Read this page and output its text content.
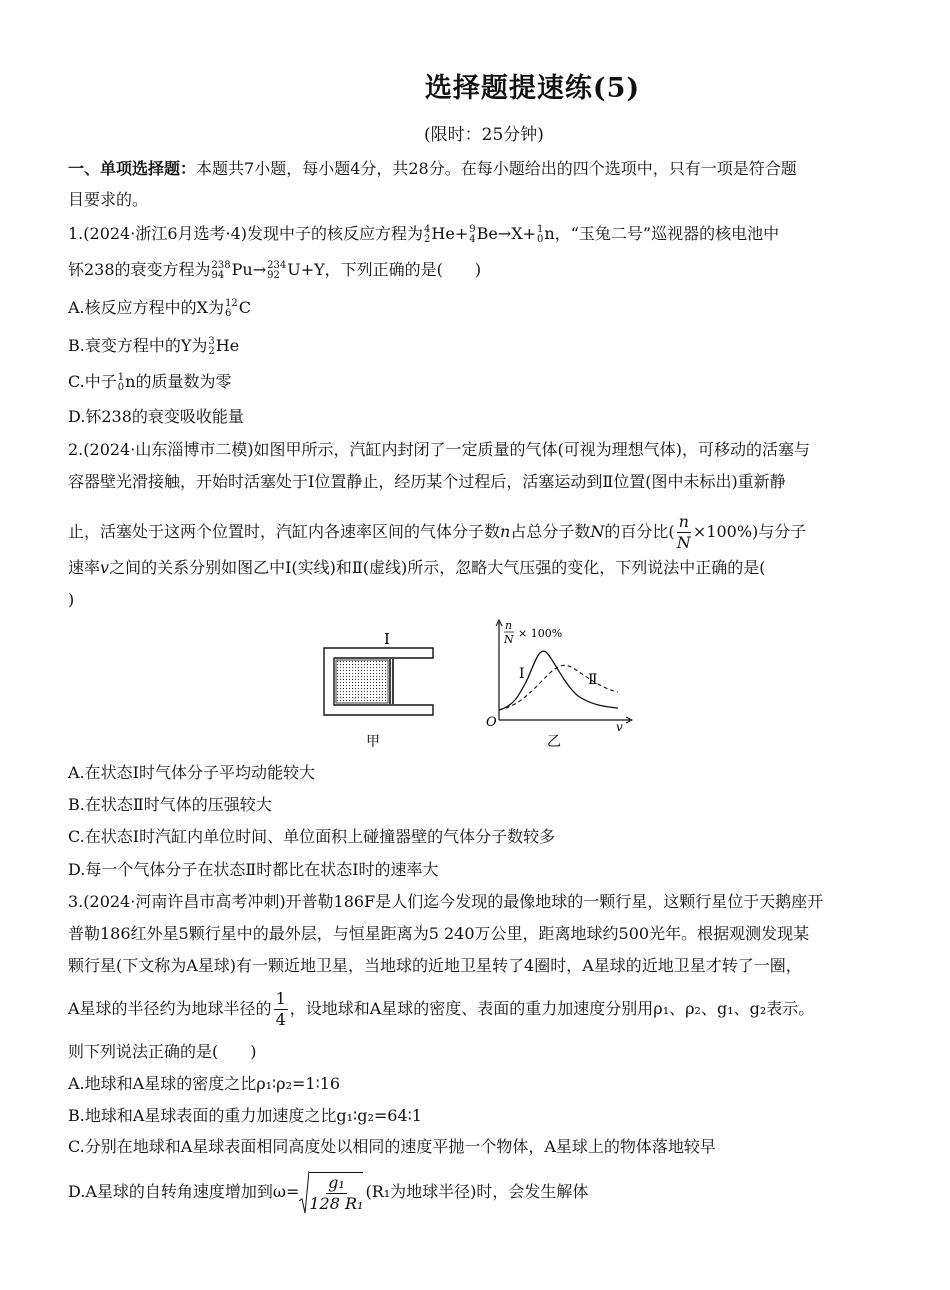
选择题提速练(5)
(限时：25分钟)
一、单项选择题：本题共7小题，每小题4分，共28分。在每小题给出的四个选项中，只有一项是符合题
目要求的。
1.(2024·浙江6月选考·4)发现中子的核反应方程为 4
2 He+ 9
4 Be→X+ 1
0 n，“玉兔二号”巡视器的核电池中
钚238的衰变方程为 238
94 Pu→ 234
92 U+Y，下列正确的是(　　)
A.核反应方程中的X为 12
6 C
B.衰变方程中的Y为 3
2 He
C.中子 1
0 n的质量数为零
D.钚238的衰变吸收能量
2.(2024·山东淄博市二模)如图甲所示，汽缸内封闭了一定质量的气体(可视为理想气体)，可移动的活塞与
容器壁光滑接触，开始时活塞处于Ⅰ位置静止，经历某个过程后，活塞运动到Ⅱ位置(图中未标出)重新静
止，活塞处于这两个位置时，汽缸内各速率区间的气体分子数n占总分子数N的百分比( $\frac{n}{N} \times 100\%$)与分子
速率v之间的关系分别如图乙中Ⅰ(实线)和Ⅱ(虚线)所示，忽略大气压强的变化，下列说法中正确的是(
)
Ⅰ
甲
n
N × 100%
O	v
Ⅰ	Ⅱ
乙
A.在状态Ⅰ时气体分子平均动能较大
B.在状态Ⅱ时气体的压强较大
C.在状态Ⅰ时汽缸内单位时间、单位面积上碰撞器壁的气体分子数较多
D.每一个气体分子在状态Ⅱ时都比在状态Ⅰ时的速率大
3.(2024·河南许昌市高考冲刺)开普勒186F是人们迄今发现的最像地球的一颗行星，这颗行星位于天鹅座开
普勒186红外星5颗行星中的最外层，与恒星距离为5 240万公里，距离地球约500光年。根据观测发现某
颗行星(下文称为A星球)有一颗近地卫星，当地球的近地卫星转了4圈时，A星球的近地卫星才转了一圈，
A星球的半径约为地球半径的 $\frac{1}{4}$ ，设地球和A星球的密度、表面的重力加速度分别用ρ₁、ρ₂、g₁、g₂表示。
则下列说法正确的是(　　)
A.地球和A星球的密度之比ρ₁∶ρ₂=1∶16
B.地球和A星球表面的重力加速度之比g₁∶g₂=64∶1
C.分别在地球和A星球表面相同高度处以相同的速度平抛一个物体，A星球上的物体落地较早
D.A星球的自转角速度增加到$\omega= \frac{\text{g₁}}{\text{128 R₁}} (R_1$为地球半径)时，会发生解体
